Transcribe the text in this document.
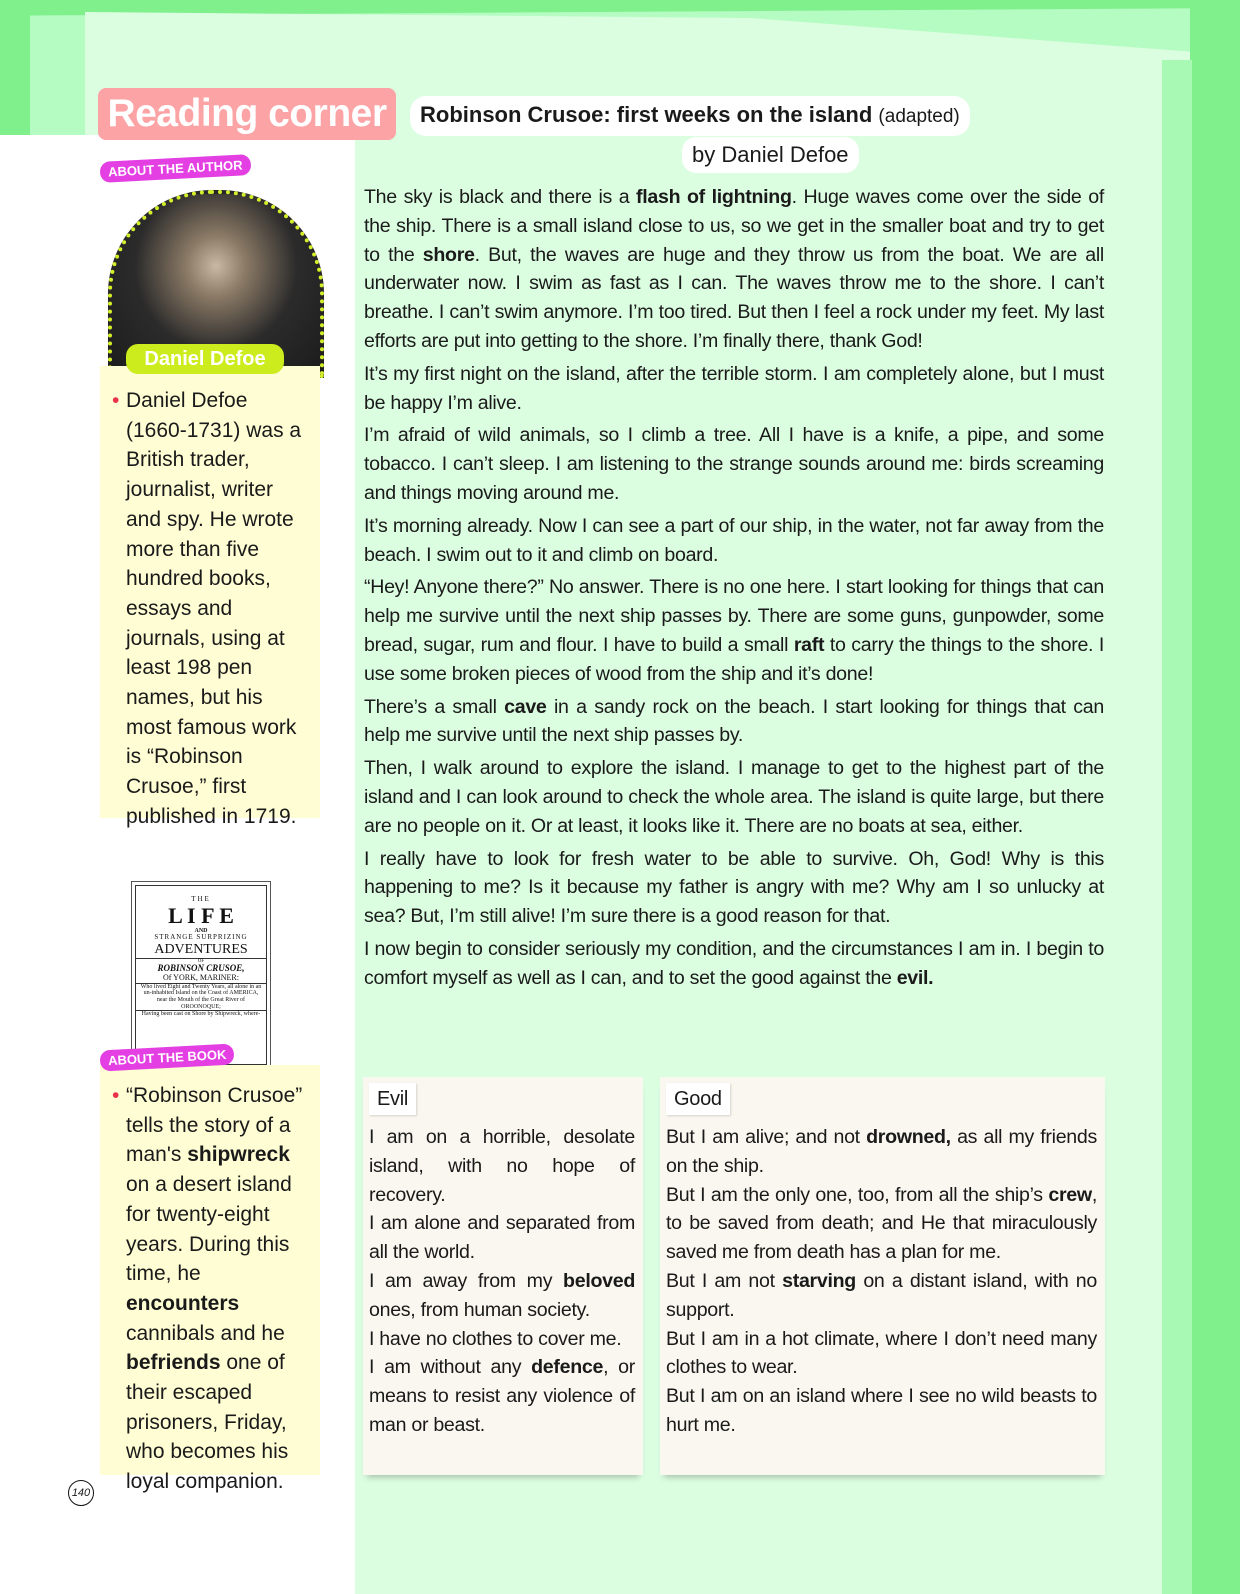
Reading corner	Robinson Crusoe: first weeks on the island (adapted)
by Daniel Defoe
ABOUT THE AUTHOR
• Daniel Defoe (1660-1731) was a British trader, journalist, writer and spy. He wrote more than five hundred books, essays and journals, using at least 198 pen names, but his most famous work is “Robinson Crusoe,” first published in 1719.
Daniel Defoe
THE
L I F E
AND
STRANGE SURPRIZING
ADVENTURES
OF
ROBINSON CRUSOE,
Of YORK, MARINER:
Who lived Eight and Twenty Years, all alone in an un-inhabited Island on the Coast of AMERICA, near the Mouth of the Great River of OROONOQUE;
Having been cast on Shore by Shipwreck, where-
• “Robinson Crusoe” tells the story of a man's shipwreck on a desert island for twenty-eight years. During this time, he encounters cannibals and he befriends one of their escaped prisoners, Friday, who becomes his loyal companion.
ABOUT THE BOOK

The sky is black and there is a flash of lightning. Huge waves come over the side of the ship. There is a small island close to us, so we get in the smaller boat and try to get to the shore. But, the waves are huge and they throw us from the boat. We are all underwater now. I swim as fast as I can. The waves throw me to the shore. I can’t breathe. I can’t swim anymore. I’m too tired. But then I feel a rock under my feet. My last efforts are put into getting to the shore. I’m finally there, thank God!

It’s my first night on the island, after the terrible storm. I am completely alone, but I must be happy I’m alive.

I’m afraid of wild animals, so I climb a tree. All I have is a knife, a pipe, and some tobacco. I can’t sleep. I am listening to the strange sounds around me: birds screaming and things moving around me.

It’s morning already. Now I can see a part of our ship, in the water, not far away from the beach. I swim out to it and climb on board.

“Hey! Anyone there?” No answer. There is no one here. I start looking for things that can help me survive until the next ship passes by. There are some guns, gunpowder, some bread, sugar, rum and flour. I have to build a small raft to carry the things to the shore. I use some broken pieces of wood from the ship and it’s done!

There’s a small cave in a sandy rock on the beach. I start looking for things that can help me survive until the next ship passes by.

Then, I walk around to explore the island. I manage to get to the highest part of the island and I can look around to check the whole area. The island is quite large, but there are no people on it. Or at least, it looks like it. There are no boats at sea, either.

I really have to look for fresh water to be able to survive. Oh, God! Why is this happening to me? Is it because my father is angry with me? Why am I so unlucky at sea? But, I’m still alive! I’m sure there is a good reason for that.

I now begin to consider seriously my condition, and the circumstances I am in. I begin to comfort myself as well as I can, and to set the good against the evil.

Evil

I am on a horrible, desolate island, with no hope of recovery.

I am alone and separated from all the world.

I am away from my beloved ones, from human society.

I have no clothes to cover me.

I am without any defence, or means to resist any violence of man or beast.

Good

But I am alive; and not drowned, as all my friends on the ship.

But I am the only one, too, from all the ship’s crew, to be saved from death; and He that miraculously saved me from death has a plan for me.

But I am not starving on a distant island, with no support.

But I am in a hot climate, where I don’t need many clothes to wear.

But I am on an island where I see no wild beasts to hurt me.

140
